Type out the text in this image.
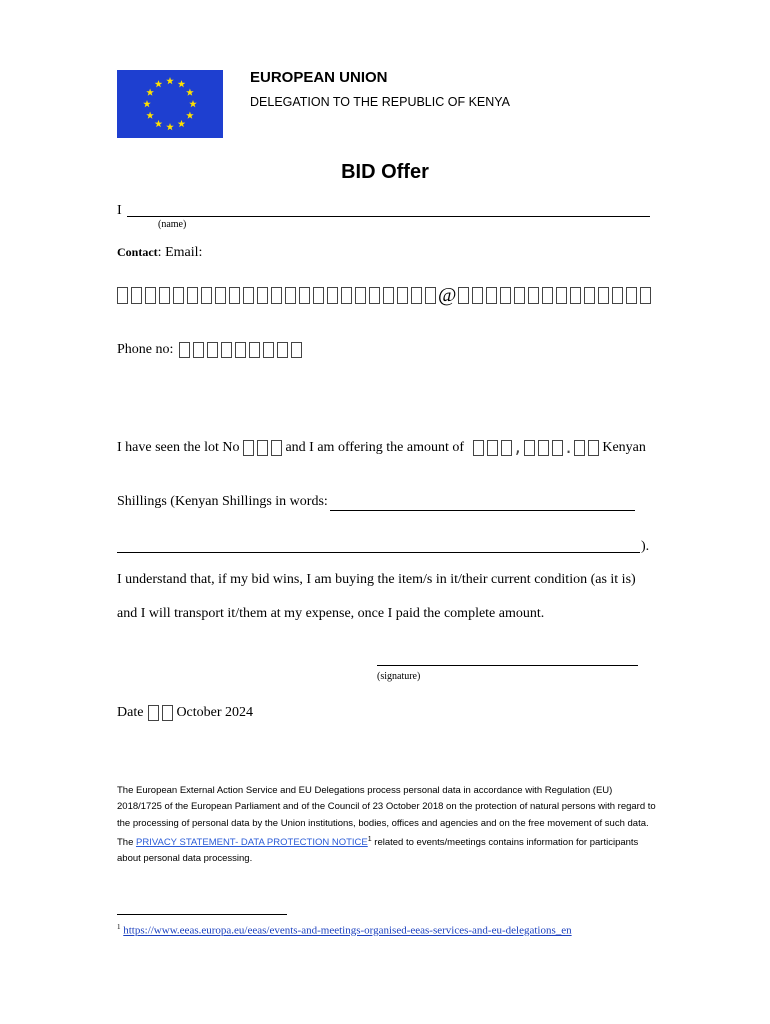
EUROPEAN UNION
DELEGATION TO THE REPUBLIC OF KENYA
BID Offer
I
(name)
Contact: Email:
@
Phone no:
I have seen the lot No	and I am offering the amount of	,	. Kenyan
Shillings (Kenyan Shillings in words:
).
I understand that, if my bid wins, I am buying the item/s in it/their current condition (as it is)
and I will transport it/them at my expense, once I paid the complete amount.
(signature)
Date October 2024
The European External Action Service and EU Delegations process personal data in accordance with Regulation (EU) 2018/1725 of the European Parliament and of the Council of 23 October 2018 on the protection of natural persons with regard to the processing of personal data by the Union institutions, bodies, offices and agencies and on the free movement of such data. The PRIVACY STATEMENT- DATA PROTECTION NOTICE$^1$ related to events/meetings contains information for participants about personal data processing.
$^1$ https://www.eeas.europa.eu/eeas/events-and-meetings-organised-eeas-services-and-eu-delegations_en
